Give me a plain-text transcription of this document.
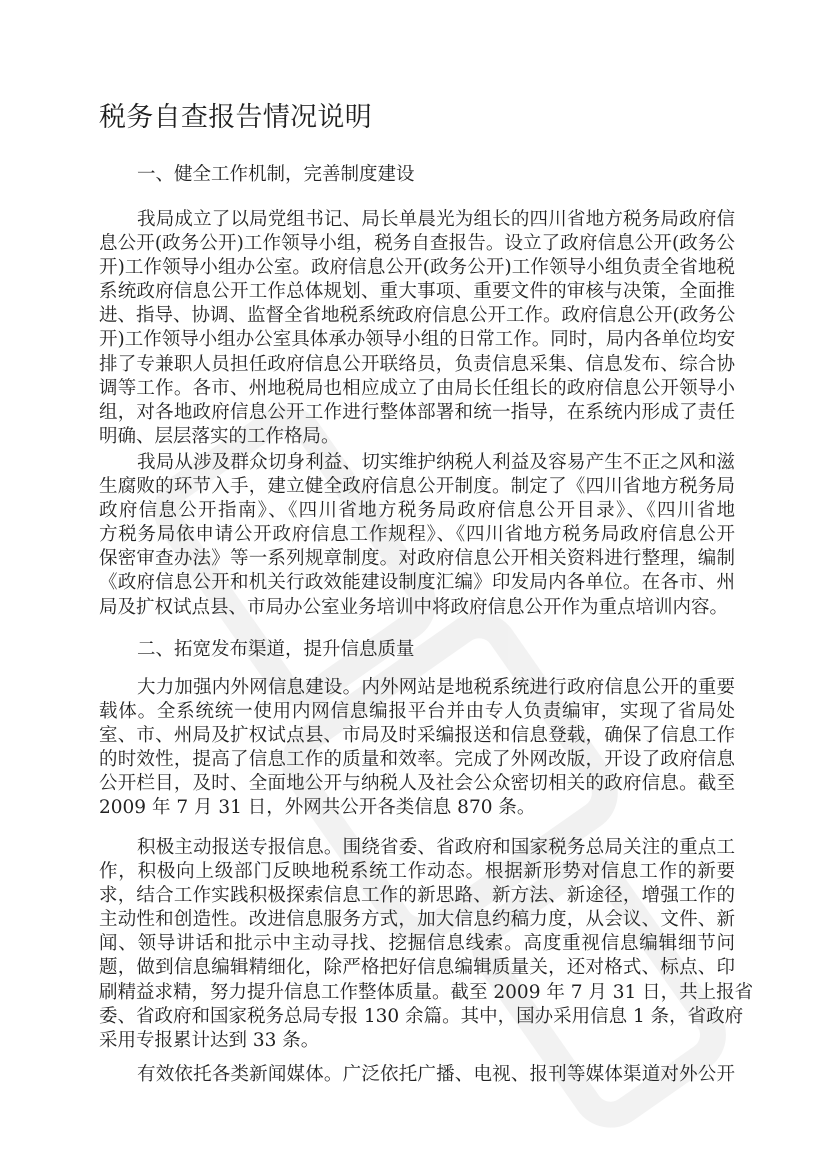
税务自查报告情况说明
一、健全工作机制，完善制度建设
我局成立了以局党组书记、局长单晨光为组长的四川省地方税务局政府信
息公开(政务公开)工作领导小组，税务自查报告。设立了政府信息公开(政务公
开)工作领导小组办公室。政府信息公开(政务公开)工作领导小组负责全省地税
系统政府信息公开工作总体规划、重大事项、重要文件的审核与决策，全面推
进、指导、协调、监督全省地税系统政府信息公开工作。政府信息公开(政务公
开)工作领导小组办公室具体承办领导小组的日常工作。同时，局内各单位均安
排了专兼职人员担任政府信息公开联络员，负责信息采集、信息发布、综合协
调等工作。各市、州地税局也相应成立了由局长任组长的政府信息公开领导小
组，对各地政府信息公开工作进行整体部署和统一指导，在系统内形成了责任
明确、层层落实的工作格局。
我局从涉及群众切身利益、切实维护纳税人利益及容易产生不正之风和滋
生腐败的环节入手，建立健全政府信息公开制度。制定了《四川省地方税务局
政府信息公开指南》、《四川省地方税务局政府信息公开目录》、《四川省地
方税务局依申请公开政府信息工作规程》、《四川省地方税务局政府信息公开
保密审查办法》等一系列规章制度。对政府信息公开相关资料进行整理，编制
《政府信息公开和机关行政效能建设制度汇编》印发局内各单位。在各市、州
局及扩权试点县、市局办公室业务培训中将政府信息公开作为重点培训内容。
二、拓宽发布渠道，提升信息质量
大力加强内外网信息建设。内外网站是地税系统进行政府信息公开的重要
载体。全系统统一使用内网信息编报平台并由专人负责编审，实现了省局处
室、市、州局及扩权试点县、市局及时采编报送和信息登载，确保了信息工作
的时效性，提高了信息工作的质量和效率。完成了外网改版，开设了政府信息
公开栏目，及时、全面地公开与纳税人及社会公众密切相关的政府信息。截至
2009 年 7 月 31 日，外网共公开各类信息 870 条。
积极主动报送专报信息。围绕省委、省政府和国家税务总局关注的重点工
作，积极向上级部门反映地税系统工作动态。根据新形势对信息工作的新要
求，结合工作实践积极探索信息工作的新思路、新方法、新途径，增强工作的
主动性和创造性。改进信息服务方式，加大信息约稿力度，从会议、文件、新
闻、领导讲话和批示中主动寻找、挖掘信息线索。高度重视信息编辑细节问
题，做到信息编辑精细化，除严格把好信息编辑质量关，还对格式、标点、印
刷精益求精，努力提升信息工作整体质量。截至 2009 年 7 月 31 日，共上报省
委、省政府和国家税务总局专报 130 余篇。其中，国办采用信息 1 条，省政府
采用专报累计达到 33 条。
有效依托各类新闻媒体。广泛依托广播、电视、报刊等媒体渠道对外公开
